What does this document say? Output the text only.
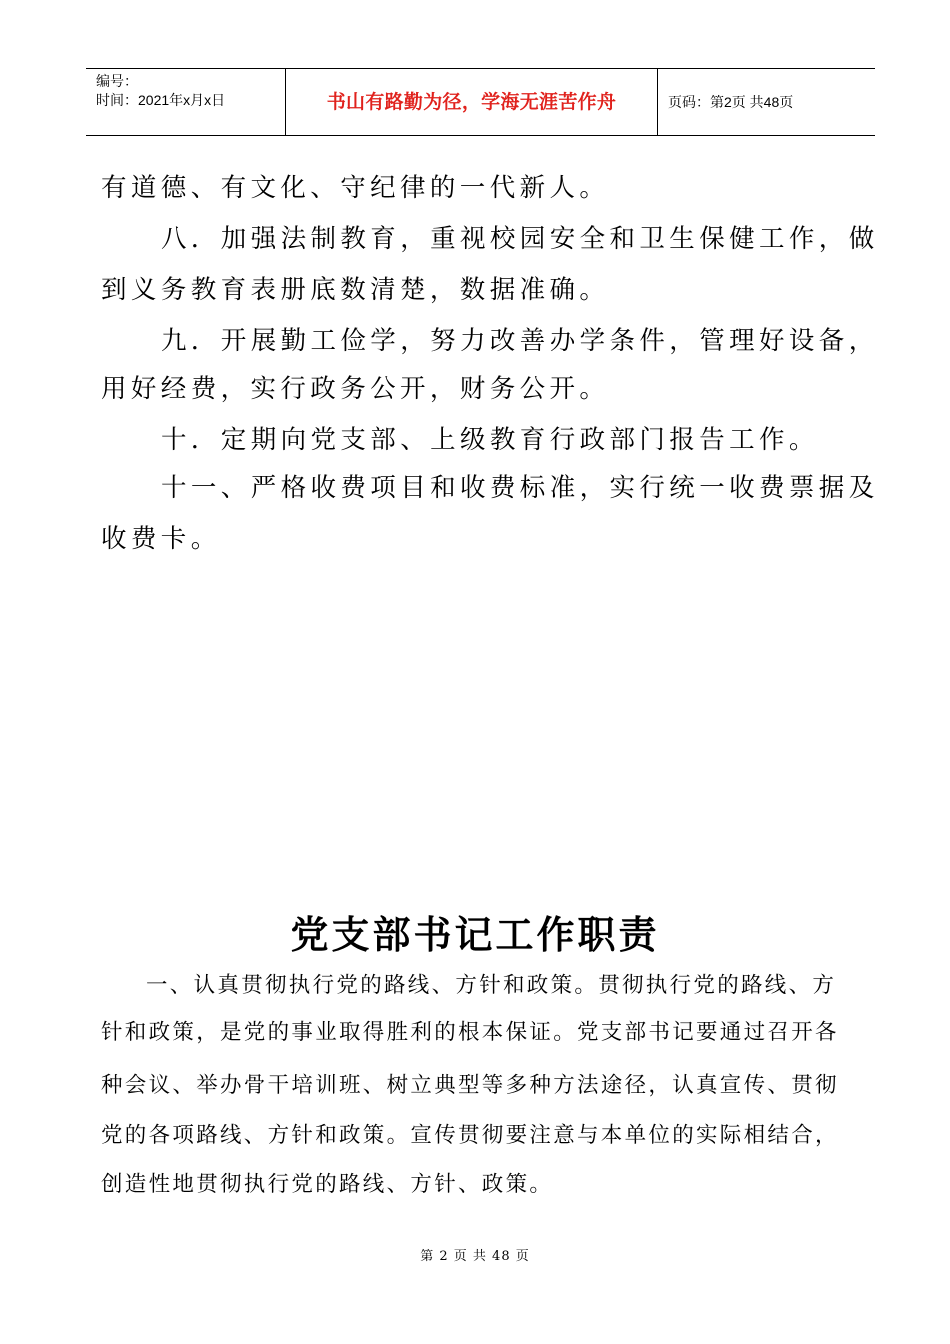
编号：
时间：2021年x月x日	书山有路勤为径，学海无涯苦作舟	页码：第2页 共48页

有道德、有文化、守纪律的一代新人。

八．加强法制教育，重视校园安全和卫生保健工作，做

到义务教育表册底数清楚，数据准确。

九．开展勤工俭学，努力改善办学条件，管理好设备，

用好经费，实行政务公开，财务公开。

十．定期向党支部、上级教育行政部门报告工作。

十一、严格收费项目和收费标准，实行统一收费票据及

收费卡。

党支部书记工作职责

一、认真贯彻执行党的路线、方针和政策。贯彻执行党的路线、方

针和政策，是党的事业取得胜利的根本保证。党支部书记要通过召开各

种会议、举办骨干培训班、树立典型等多种方法途径，认真宣传、贯彻

党的各项路线、方针和政策。宣传贯彻要注意与本单位的实际相结合，

创造性地贯彻执行党的路线、方针、政策。

第 2 页 共 48 页
